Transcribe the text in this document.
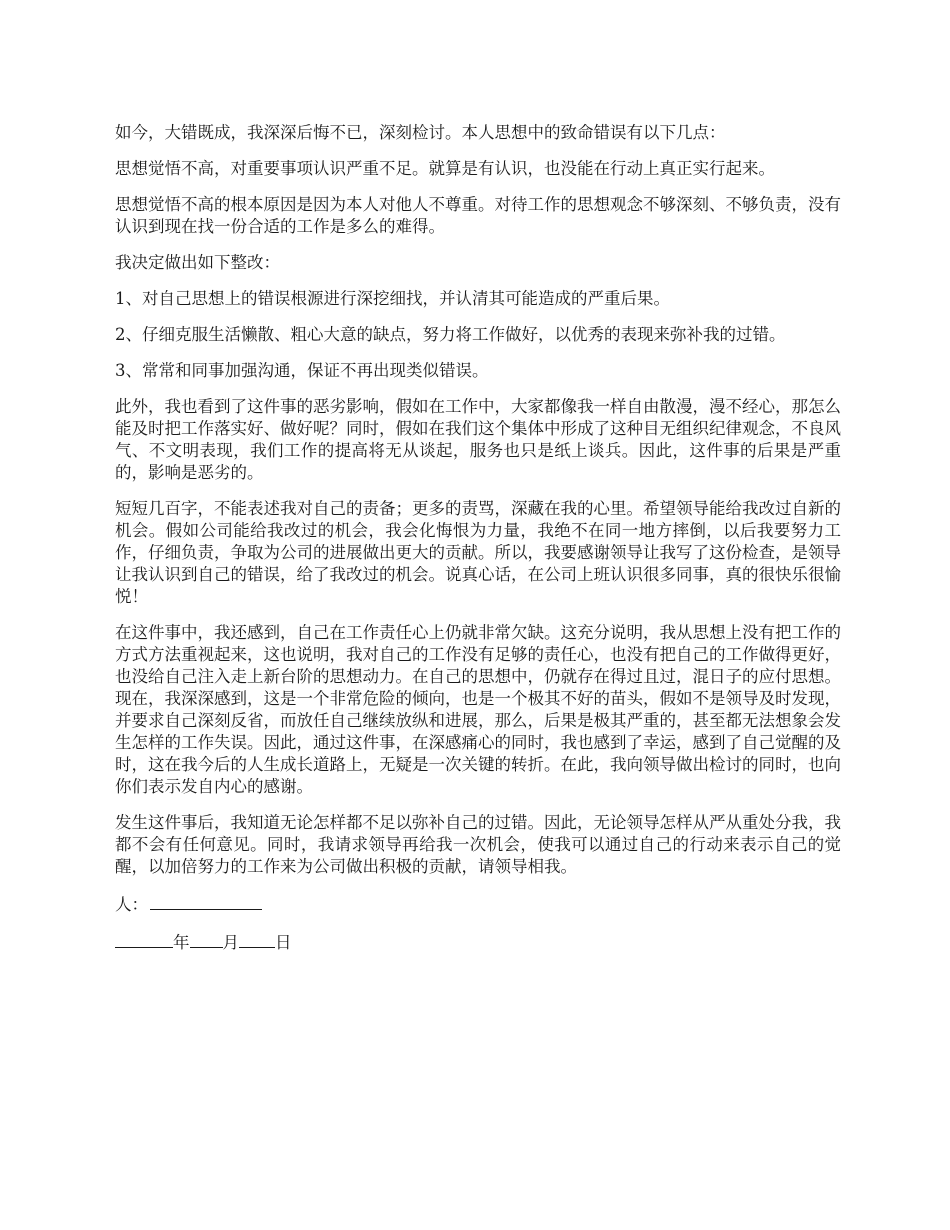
如今，大错既成，我深深后悔不已，深刻检讨。本人思想中的致命错误有以下几点：

思想觉悟不高，对重要事项认识严重不足。就算是有认识，也没能在行动上真正实行起来。

思想觉悟不高的根本原因是因为本人对他人不尊重。对待工作的思想观念不够深刻、不够负责，没有认识到现在找一份合适的工作是多么的难得。

我决定做出如下整改：

1、对自己思想上的错误根源进行深挖细找，并认清其可能造成的严重后果。

2、仔细克服生活懒散、粗心大意的缺点，努力将工作做好，以优秀的表现来弥补我的过错。

3、常常和同事加强沟通，保证不再出现类似错误。

此外，我也看到了这件事的恶劣影响，假如在工作中，大家都像我一样自由散漫，漫不经心，那怎么能及时把工作落实好、做好呢？同时，假如在我们这个集体中形成了这种目无组织纪律观念，不良风气、不文明表现，我们工作的提高将无从谈起，服务也只是纸上谈兵。因此，这件事的后果是严重的，影响是恶劣的。

短短几百字，不能表述我对自己的责备；更多的责骂，深藏在我的心里。希望领导能给我改过自新的机会。假如公司能给我改过的机会，我会化悔恨为力量，我绝不在同一地方摔倒，以后我要努力工作，仔细负责，争取为公司的进展做出更大的贡献。所以，我要感谢领导让我写了这份检查，是领导让我认识到自己的错误，给了我改过的机会。说真心话，在公司上班认识很多同事，真的很快乐很愉悦！

在这件事中，我还感到，自己在工作责任心上仍就非常欠缺。这充分说明，我从思想上没有把工作的方式方法重视起来，这也说明，我对自己的工作没有足够的责任心，也没有把自己的工作做得更好，也没给自己注入走上新台阶的思想动力。在自己的思想中，仍就存在得过且过，混日子的应付思想。现在，我深深感到，这是一个非常危险的倾向，也是一个极其不好的苗头，假如不是领导及时发现，并要求自己深刻反省，而放任自己继续放纵和进展，那么，后果是极其严重的，甚至都无法想象会发生怎样的工作失误。因此，通过这件事，在深感痛心的同时，我也感到了幸运，感到了自己觉醒的及时，这在我今后的人生成长道路上，无疑是一次关键的转折。在此，我向领导做出检讨的同时，也向你们表示发自内心的感谢。

发生这件事后，我知道无论怎样都不足以弥补自己的过错。因此，无论领导怎样从严从重处分我，我都不会有任何意见。同时，我请求领导再给我一次机会，使我可以通过自己的行动来表示自己的觉醒，以加倍努力的工作来为公司做出积极的贡献，请领导相我。

人：
年 月 日
